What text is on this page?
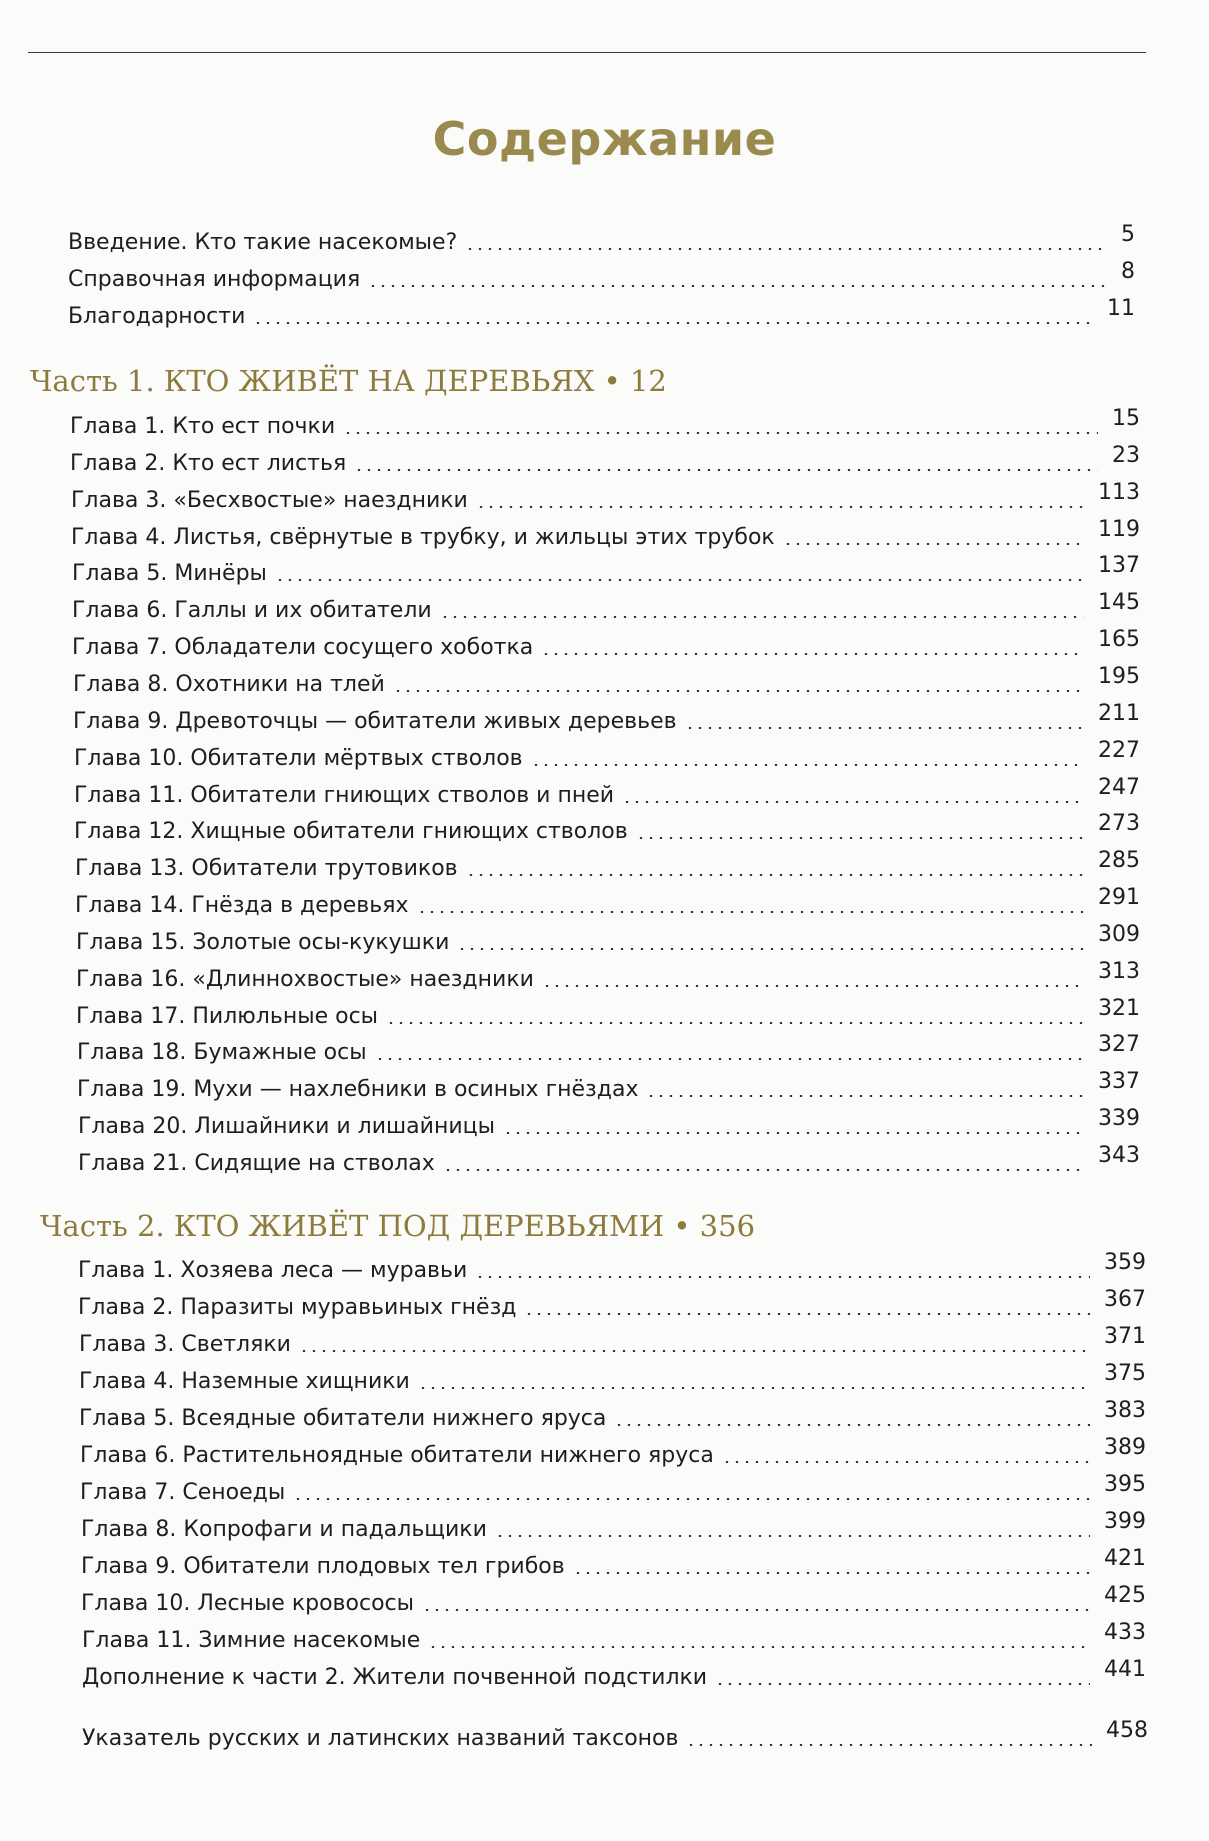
Содержание
Введение. Кто такие насекомые?	5
Справочная информация	8
Благодарности	11
Часть 1. КТО ЖИВЁТ НА ДЕРЕВЬЯХ • 12
Глава 1. Кто ест почки	15
Глава 2. Кто ест листья	23
Глава 3. «Бесхвостые» наездники	113
Глава 4. Листья, свёрнутые в трубку, и жильцы этих трубок	119
Глава 5. Минёры	137
Глава 6. Галлы и их обитатели	145
Глава 7. Обладатели сосущего хоботка	165
Глава 8. Охотники на тлей	195
Глава 9. Древоточцы — обитатели живых деревьев	211
Глава 10. Обитатели мёртвых стволов	227
Глава 11. Обитатели гниющих стволов и пней	247
Глава 12. Хищные обитатели гниющих стволов	273
Глава 13. Обитатели трутовиков	285
Глава 14. Гнёзда в деревьях	291
Глава 15. Золотые осы-кукушки	309
Глава 16. «Длиннохвостые» наездники	313
Глава 17. Пилюльные осы	321
Глава 18. Бумажные осы	327
Глава 19. Мухи — нахлебники в осиных гнёздах	337
Глава 20. Лишайники и лишайницы	339
Глава 21. Сидящие на стволах	343
Часть 2. КТО ЖИВЁТ ПОД ДЕРЕВЬЯМИ • 356
Глава 1. Хозяева леса — муравьи	359
Глава 2. Паразиты муравьиных гнёзд	367
Глава 3. Светляки	371
Глава 4. Наземные хищники	375
Глава 5. Всеядные обитатели нижнего яруса	383
Глава 6. Растительноядные обитатели нижнего яруса	389
Глава 7. Сеноеды	395
Глава 8. Копрофаги и падальщики	399
Глава 9. Обитатели плодовых тел грибов	421
Глава 10. Лесные кровососы	425
Глава 11. Зимние насекомые	433
Дополнение к части 2. Жители почвенной подстилки	441
Указатель русских и латинских названий таксонов	458
